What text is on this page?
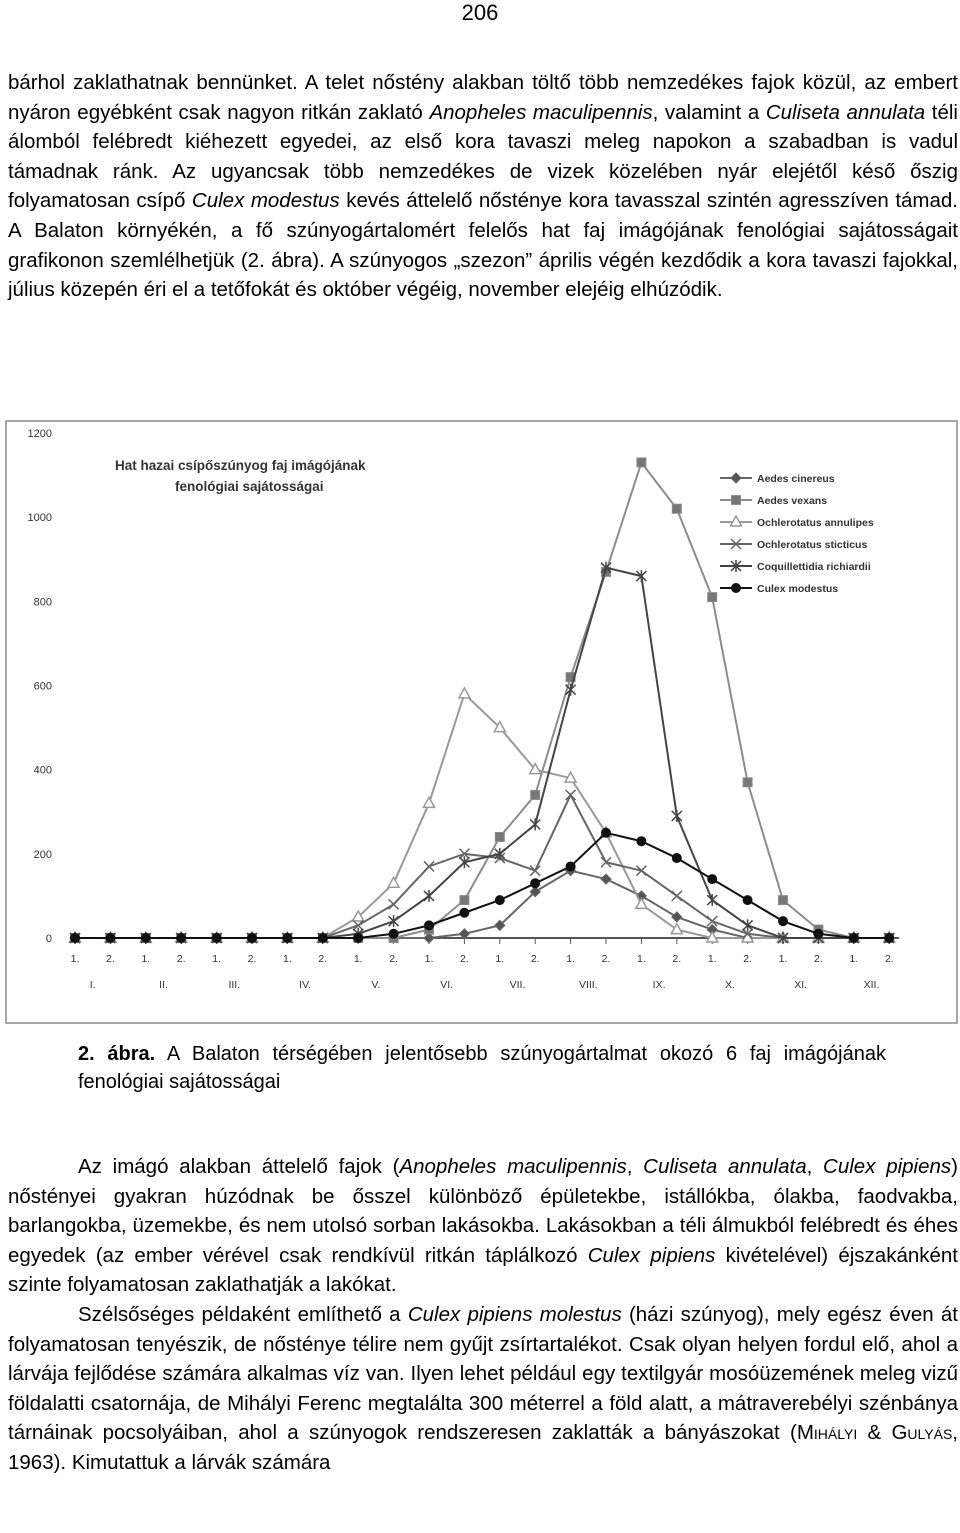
206
bárhol zaklathatnak bennünket. A telet nőstény alakban töltő több nemzedékes fajok közül, az embert nyáron egyébként csak nagyon ritkán zaklató Anopheles maculipennis, valamint a Culiseta annulata téli álomból felébredt kiéhezett egyedei, az első kora tavaszi meleg napokon a szabadban is vadul támadnak ránk. Az ugyancsak több nemzedékes de vizek közelében nyár elejétől késő őszig folyamatosan csípő Culex modestus kevés áttelelő nősténye kora tavasszal szintén agresszíven támad. A Balaton környékén, a fő szúnyogártalomért felelős hat faj imágójának fenológiai sajátosságait grafikonon szemlélhetjük (2. ábra). A szúnyogos „szezon” április végén kezdődik a kora tavaszi fajokkal, július közepén éri el a tetőfokát és október végéig, november elejéig elhúzódik.
0
200
400
600
800
1000
1200
1.	2.	1.	2.	1.	2.	1.	2.	1.	2.	1.	2.	1.	2.	1.	2.	1.	2.	1.	2.	1.	2.	1.	2.
I.	II.	III.	IV.	V.	VI.	VII.	VIII.	IX.	X.	XI.	XII.
Hat hazai csípőszúnyog faj imágójának
fenológiai sajátosságai	Aedes cinereus
Aedes vexans
Ochlerotatus annulipes
Ochlerotatus sticticus
Coquillettidia richiardii
Culex modestus
2. ábra. A Balaton térségében jelentősebb szúnyogártalmat okozó 6 faj imágójának fenológiai sajátosságai
Az imágó alakban áttelelő fajok (Anopheles maculipennis, Culiseta annulata, Culex pipiens) nőstényei gyakran húzódnak be ősszel különböző épületekbe, istállókba, ólakba, faodvakba, barlangokba, üzemekbe, és nem utolsó sorban lakásokba. Lakásokban a téli álmukból felébredt és éhes egyedek (az ember vérével csak rendkívül ritkán táplálkozó Culex pipiens kivételével) éjszakánként szinte folyamatosan zaklathatják a lakókat.
Szélsőséges példaként említhető a Culex pipiens molestus (házi szúnyog), mely egész éven át folyamatosan tenyészik, de nősténye télire nem gyűjt zsírtartalékot. Csak olyan helyen fordul elő, ahol a lárvája fejlődése számára alkalmas víz van. Ilyen lehet például egy textilgyár mosóüzemének meleg vizű földalatti csatornája, de Mihályi Ferenc megtalálta 300 méterrel a föld alatt, a mátraverebélyi szénbánya tárnáinak pocsolyáiban, ahol a szúnyogok rendszeresen zaklatták a bányászokat (Mihályi & Gulyás, 1963). Kimutattuk a lárvák számára
